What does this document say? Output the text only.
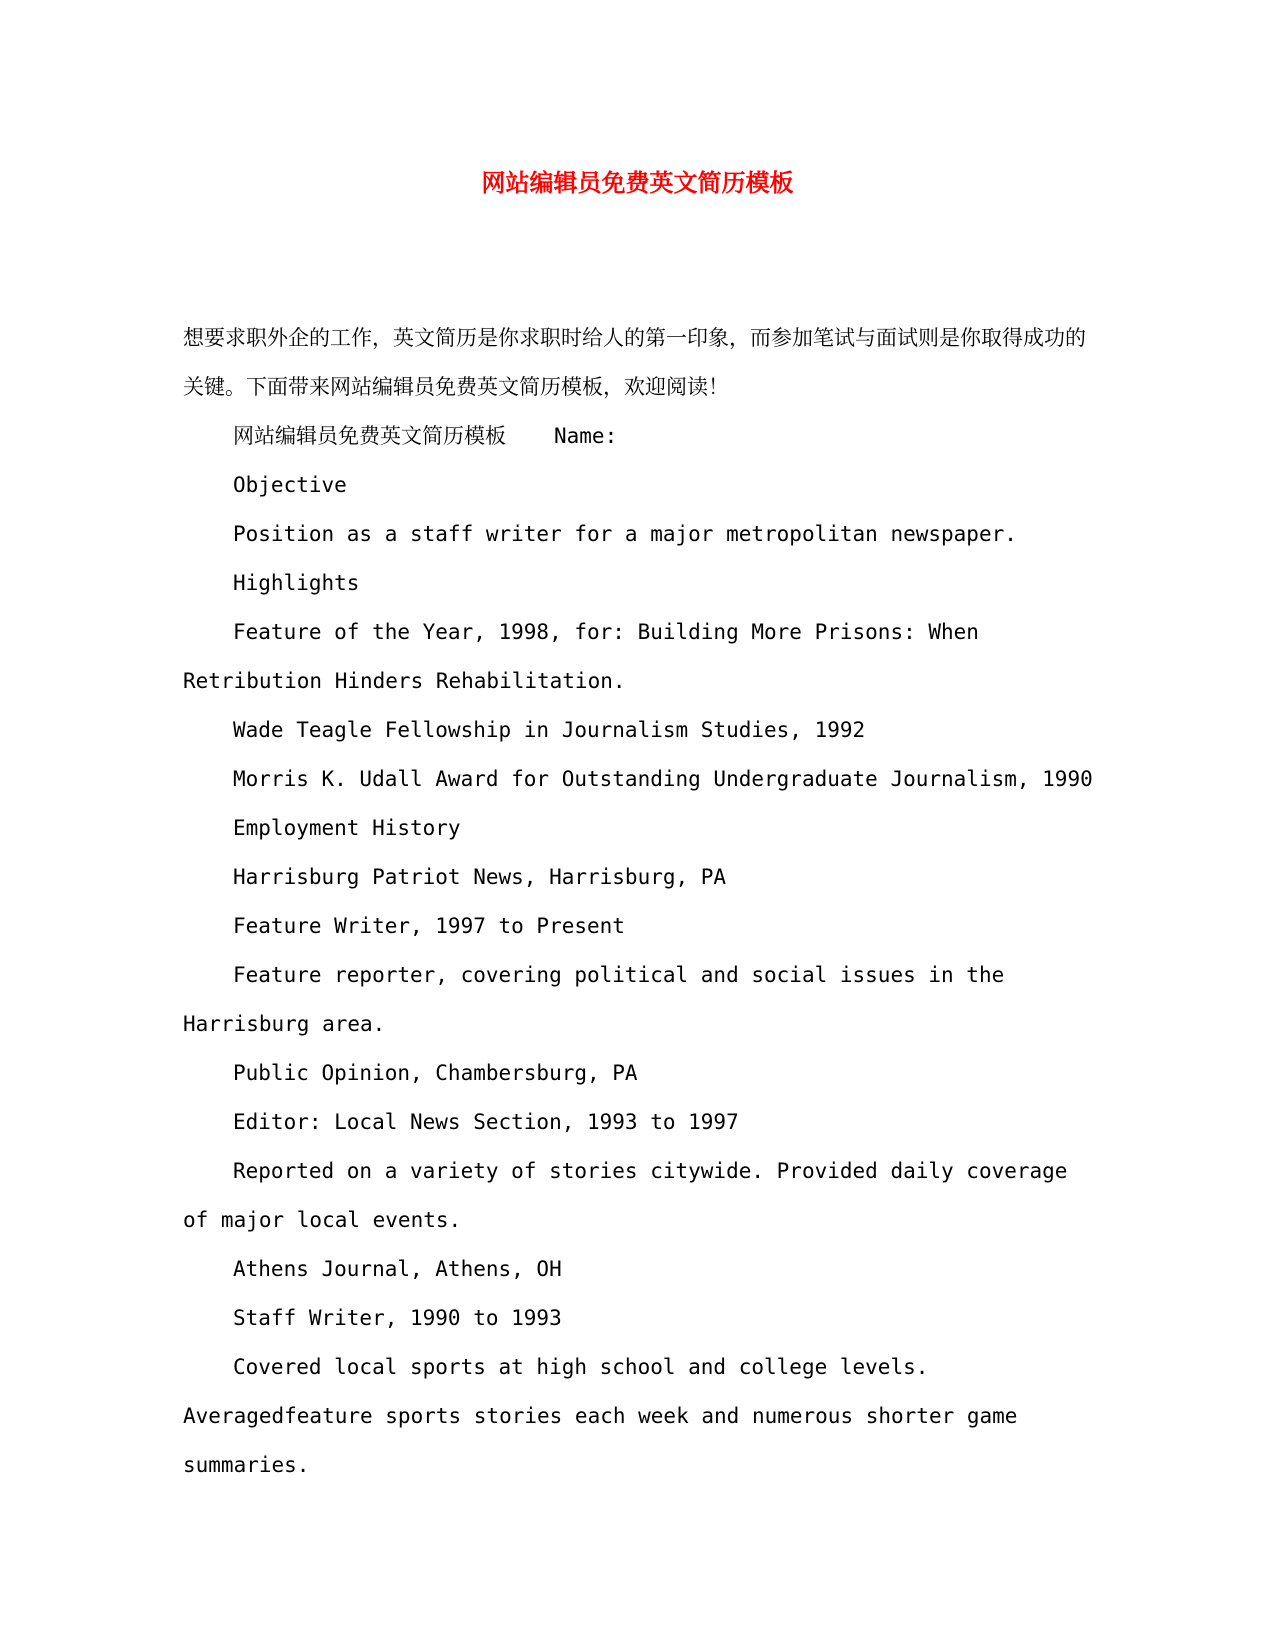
网站编辑员免费英文简历模板

想要求职外企的工作，英文简历是你求职时给人的第一印象，而参加笔试与面试则是你取得成功的关键。下面带来网站编辑员免费英文简历模板，欢迎阅读！

网站编辑员免费英文简历模板 Name:

Objective

Position as a staff writer for a major metropolitan newspaper.

Highlights

Feature of the Year, 1998, for: Building More Prisons: When Retribution Hinders Rehabilitation.

Wade Teagle Fellowship in Journalism Studies, 1992

Morris K. Udall Award for Outstanding Undergraduate Journalism, 1990

Employment History

Harrisburg Patriot News, Harrisburg, PA

Feature Writer, 1997 to Present

Feature reporter, covering political and social issues in the Harrisburg area.

Public Opinion, Chambersburg, PA

Editor: Local News Section, 1993 to 1997

Reported on a variety of stories citywide. Provided daily coverage of major local events.

Athens Journal, Athens, OH

Staff Writer, 1990 to 1993

Covered local sports at high school and college levels. Averagedfeature sports stories each week and numerous shorter game summaries.
